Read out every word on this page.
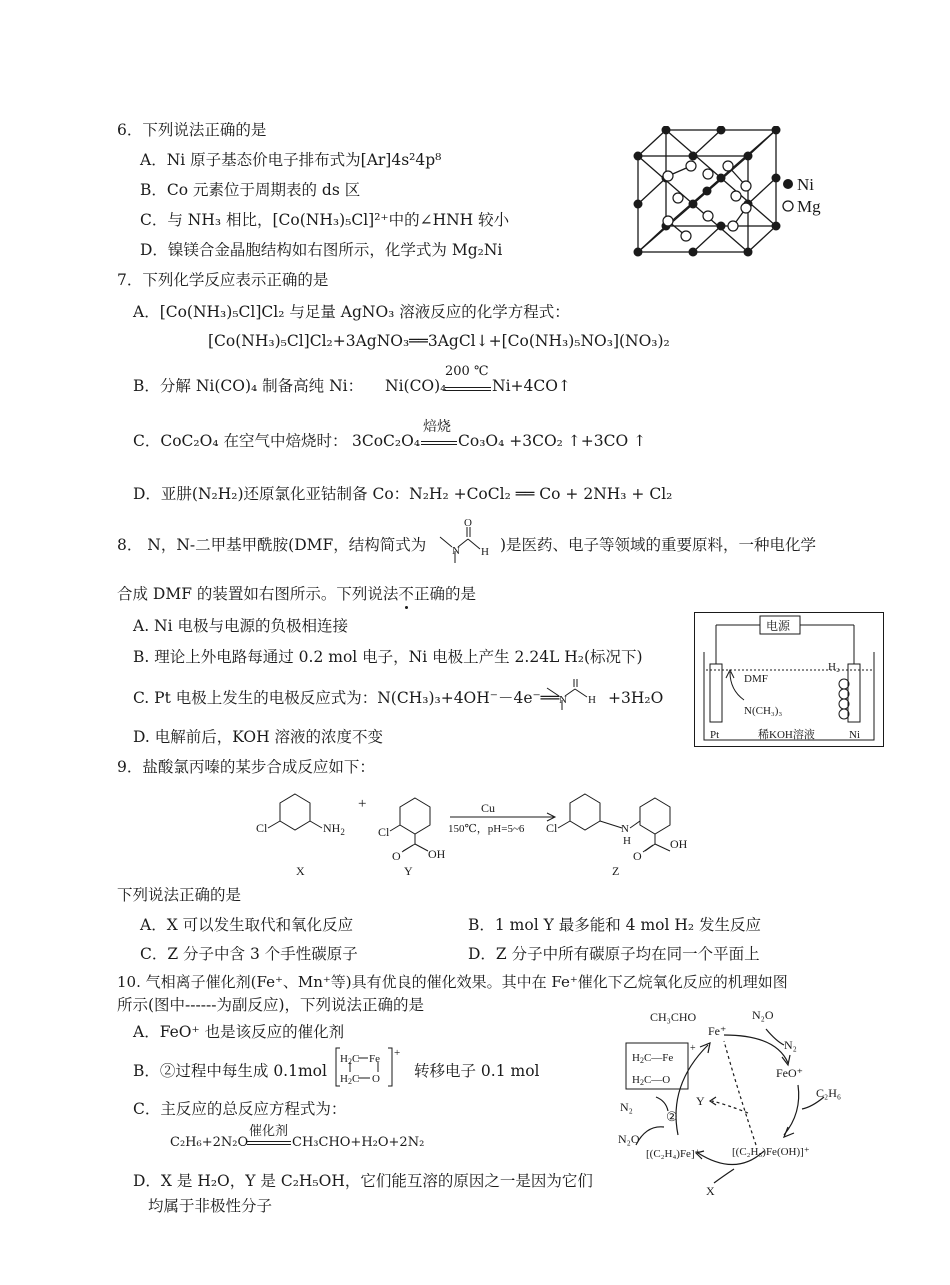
6．下列说法正确的是
A．Ni 原子基态价电子排布式为[Ar]4s²4p⁸
B．Co 元素位于周期表的 ds 区
C．与 NH₃ 相比，[Co(NH₃)₅Cl]²⁺中的∠HNH 较小
D．镍镁合金晶胞结构如右图所示，化学式为 Mg₂Ni
Ni
Mg
7．下列化学反应表示正确的是
A．[Co(NH₃)₅Cl]Cl₂ 与足量 AgNO₃ 溶液反应的化学方程式：
[Co(NH₃)₅Cl]Cl₂+3AgNO₃══3AgCl↓+[Co(NH₃)₅NO₃](NO₃)₂
B．分解 Ni(CO)₄ 制备高纯 Ni： Ni(CO)₄
200 ℃
Ni+4CO↑
C．CoC₂O₄ 在空气中焙烧时： 3CoC₂O₄
焙烧
Co₃O₄ +3CO₂ ↑+3CO ↑
D．亚肼(N₂H₂)还原氯化亚钴制备 Co：N₂H₂ +CoCl₂ ══ Co + 2NH₃ + Cl₂
8． N，N-二甲基甲酰胺(DMF，结构简式为 N
O
H )是医药、电子等领域的重要原料，一种电化学
合成 DMF 的装置如右图所示。下列说法不正确的是
A. Ni 电极与电源的负极相连接
B. 理论上外电路每通过 0.2 mol 电子，Ni 电极上产生 2.24L H₂(标况下)
C. Pt 电极上发生的电极反应式为：N(CH₃)₃+4OH⁻－4e⁻══ N H +3H₂O
D. 电解前后，KOH 溶液的浓度不变
电源
DMF
N(CH₃)₃
H₂
Pt	稀KOH溶液	Ni
9．盐酸氯丙嗪的某步合成反应如下：
Cl	$NH_2$	Cl
O OH
Cl	N
H
O
OH
+	Cu
150℃，pH=5~6
X	Y	Z
下列说法正确的是
A．X 可以发生取代和氧化反应	B．1 mol Y 最多能和 4 mol H₂ 发生反应
C．Z 分子中含 3 个手性碳原子	D．Z 分子中所有碳原子均在同一个平面上
10. 气相离子催化剂(Fe⁺、Mn⁺等)具有优良的催化效果。其中在 Fe⁺催化下乙烷氧化反应的机理如图
所示(图中------为副反应)，下列说法正确的是
A．FeO⁺ 也是该反应的催化剂
B．②过程中每生成 0.1mol
H2C Fe
H2C O
+
转移电子 0.1 mol
C．主反应的总反应方程式为：
C₂H₆+2N₂O
催化剂
CH₃CHO+H₂O+2N₂
D．X 是 H₂O，Y 是 C₂H₅OH，它们能互溶的原因之一是因为它们
均属于非极性分子
H2C—Fe
H2C—O
+
CH₃CHO
Fe⁺
N₂O
N₂
FeO⁺
C₂H₆
Y
②
N₂
N₂O
[(C₂H₄)Fe]⁺	[(C₂H₅)Fe(OH)]⁺
X
